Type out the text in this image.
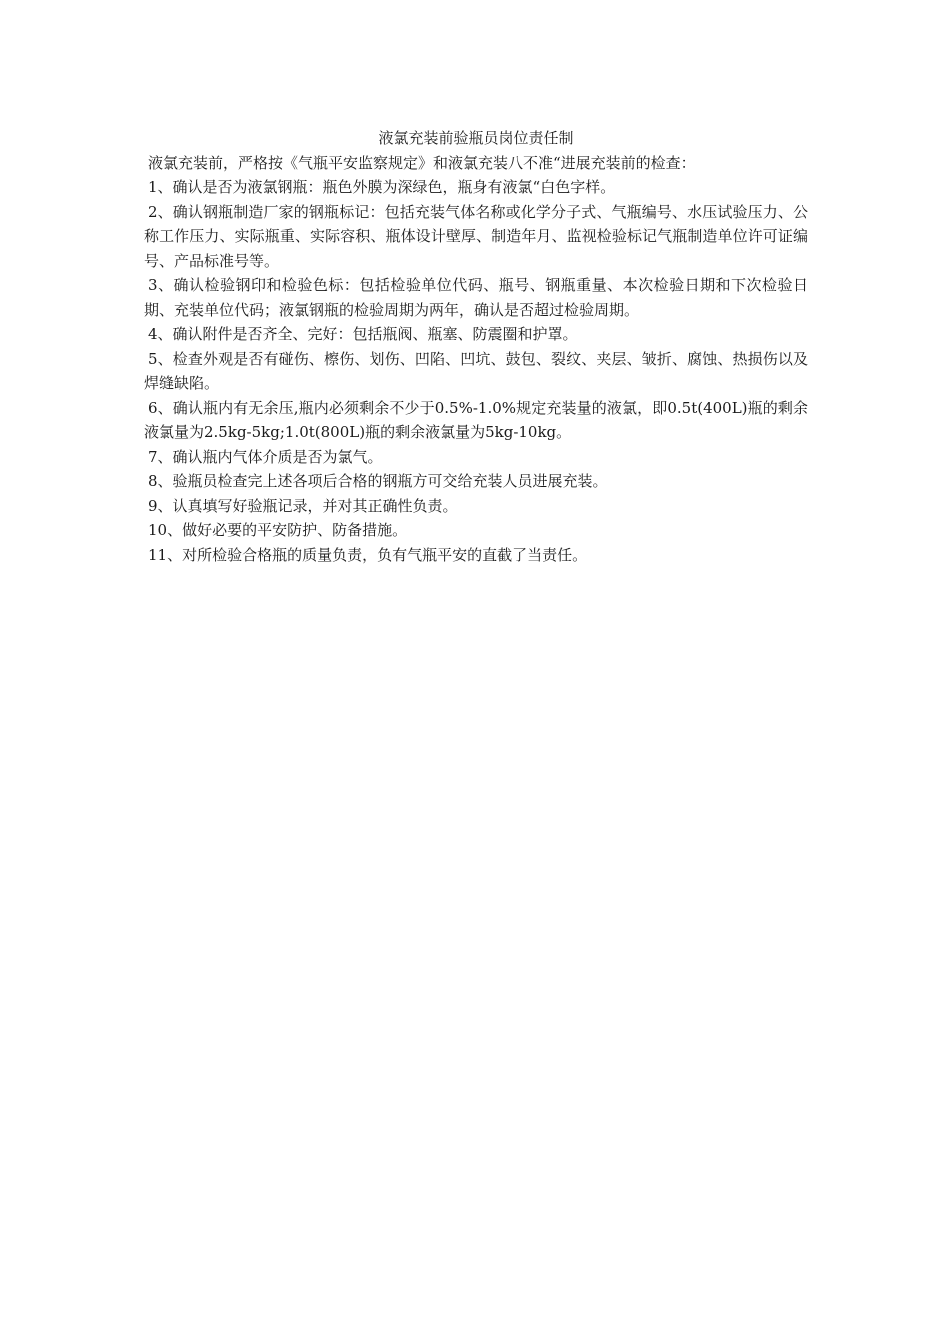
液氯充装前验瓶员岗位责任制

液氯充装前，严格按《气瓶平安监察规定》和液氯充装八不准“进展充装前的检查：

1、确认是否为液氯钢瓶：瓶色外膜为深绿色，瓶身有液氯“白色字样。

2、确认钢瓶制造厂家的钢瓶标记：包括充装气体名称或化学分子式、气瓶编号、水压试验压力、公称工作压力、实际瓶重、实际容积、瓶体设计壁厚、制造年月、监视检验标记气瓶制造单位许可证编号、产品标准号等。

3、确认检验钢印和检验色标：包括检验单位代码、瓶号、钢瓶重量、本次检验日期和下次检验日期、充装单位代码；液氯钢瓶的检验周期为两年，确认是否超过检验周期。

4、确认附件是否齐全、完好：包括瓶阀、瓶塞、防震圈和护罩。

5、检查外观是否有碰伤、檫伤、划伤、凹陷、凹坑、鼓包、裂纹、夹层、皱折、腐蚀、热损伤以及焊缝缺陷。

6、确认瓶内有无余压,瓶内必须剩余不少于0.5%-1.0%规定充装量的液氯，即0.5t(400L)瓶的剩余液氯量为2.5kg-5kg;1.0t(800L)瓶的剩余液氯量为5kg-10kg。

7、确认瓶内气体介质是否为氯气。

8、验瓶员检查完上述各项后合格的钢瓶方可交给充装人员进展充装。

9、认真填写好验瓶记录，并对其正确性负责。

10、做好必要的平安防护、防备措施。

11、对所检验合格瓶的质量负责，负有气瓶平安的直截了当责任。
